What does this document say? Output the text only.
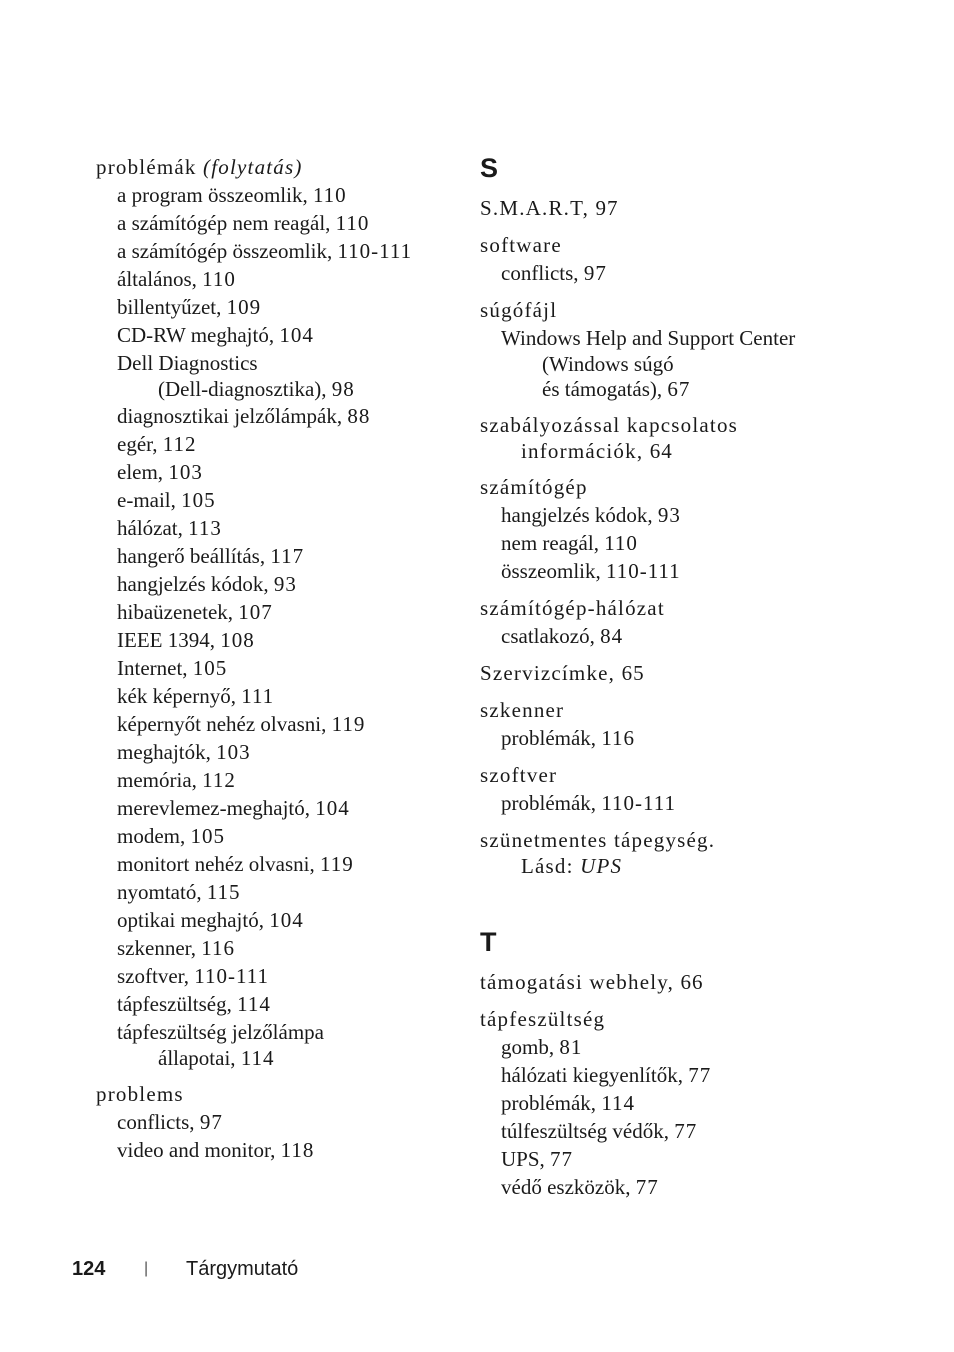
problémák (folytatás)
a program összeomlik, 110
a számítógép nem reagál, 110
a számítógép összeomlik, 110-111
általános, 110
billentyűzet, 109
CD-RW meghajtó, 104
Dell Diagnostics
(Dell-diagnosztika), 98
diagnosztikai jelzőlámpák, 88
egér, 112
elem, 103
e-mail, 105
hálózat, 113
hangerő beállítás, 117
hangjelzés kódok, 93
hibaüzenetek, 107
IEEE 1394, 108
Internet, 105
kék képernyő, 111
képernyőt nehéz olvasni, 119
meghajtók, 103
memória, 112
merevlemez-meghajtó, 104
modem, 105
monitort nehéz olvasni, 119
nyomtató, 115
optikai meghajtó, 104
szkenner, 116
szoftver, 110-111
tápfeszültség, 114
tápfeszültség jelzőlámpa
állapotai, 114
problems
conflicts, 97
video and monitor, 118
S
S.M.A.R.T, 97
software
conflicts, 97
súgófájl
Windows Help and Support Center
(Windows súgó
és támogatás), 67
szabályozással kapcsolatos
információk, 64
számítógép
hangjelzés kódok, 93
nem reagál, 110
összeomlik, 110-111
számítógép-hálózat
csatlakozó, 84
Szervizcímke, 65
szkenner
problémák, 116
szoftver
problémák, 110-111
szünetmentes tápegység.
Lásd: UPS
T
támogatási webhely, 66
tápfeszültség
gomb, 81
hálózati kiegyenlítők, 77
problémák, 114
túlfeszültség védők, 77
UPS, 77
védő eszközök, 77
124 | Tárgymutató
